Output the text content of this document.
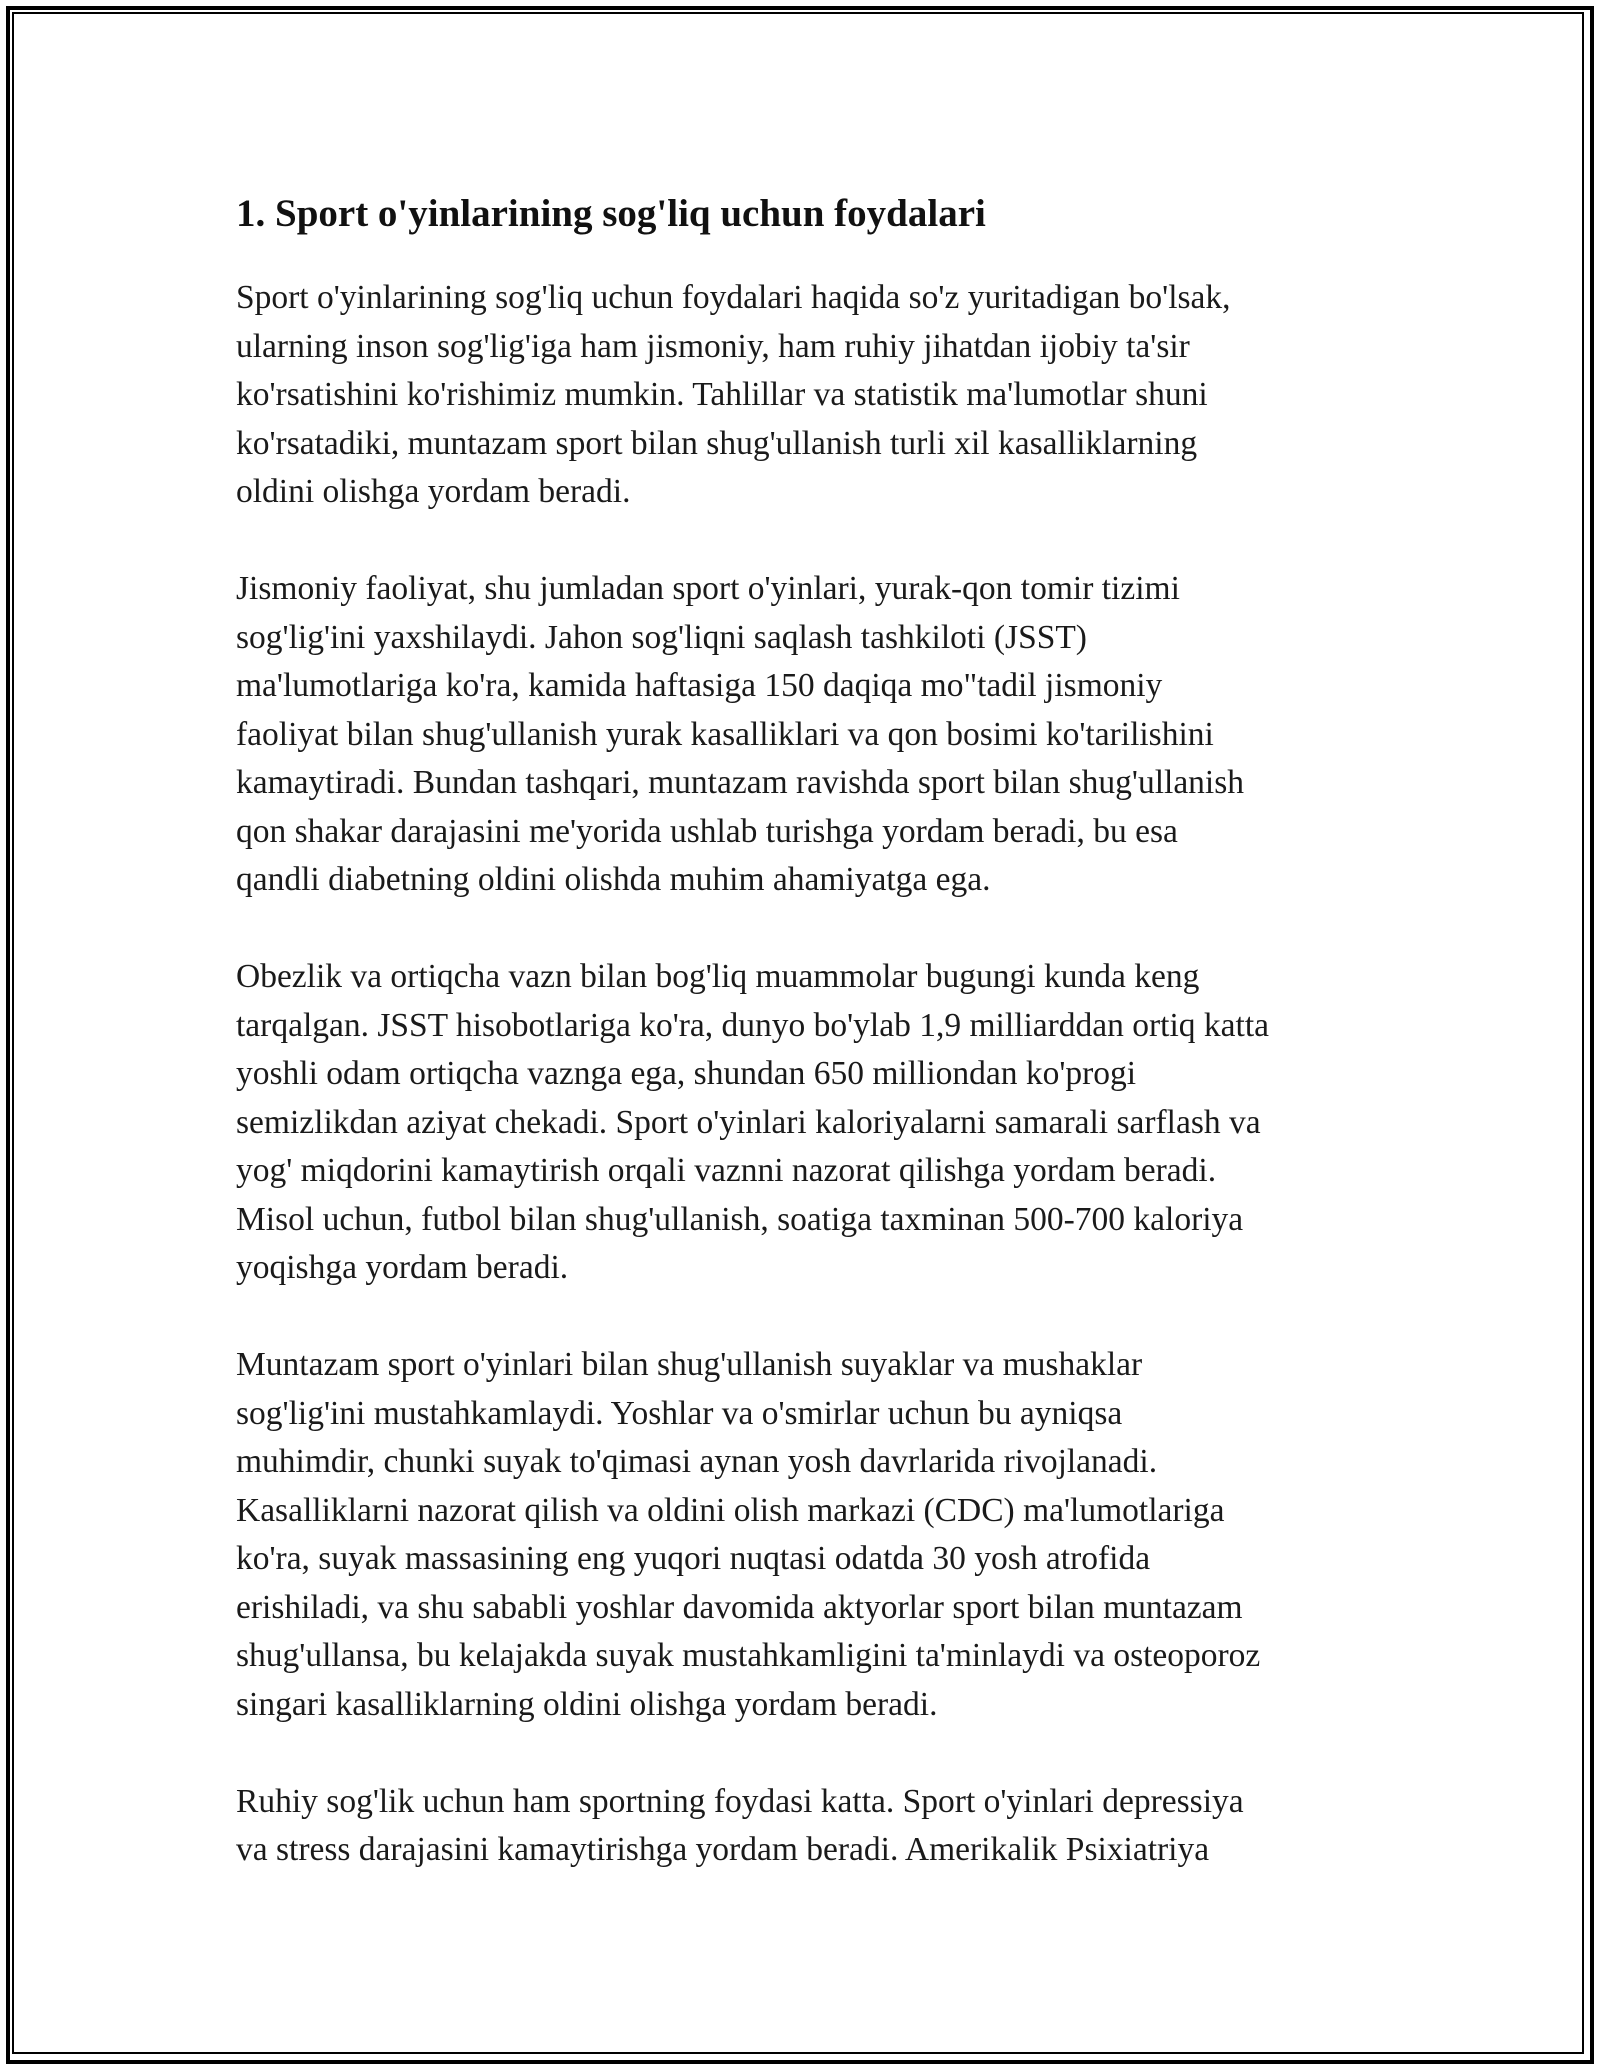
1. Sport o'yinlarining sog'liq uchun foydalari

Sport o'yinlarining sog'liq uchun foydalari haqida so'z yuritadigan bo'lsak,
ularning inson sog'lig'iga ham jismoniy, ham ruhiy jihatdan ijobiy ta'sir
ko'rsatishini ko'rishimiz mumkin. Tahlillar va statistik ma'lumotlar shuni
ko'rsatadiki, muntazam sport bilan shug'ullanish turli xil kasalliklarning
oldini olishga yordam beradi.

Jismoniy faoliyat, shu jumladan sport o'yinlari, yurak-qon tomir tizimi
sog'lig'ini yaxshilaydi. Jahon sog'liqni saqlash tashkiloti (JSST)
ma'lumotlariga ko'ra, kamida haftasiga 150 daqiqa mo"tadil jismoniy
faoliyat bilan shug'ullanish yurak kasalliklari va qon bosimi ko'tarilishini
kamaytiradi. Bundan tashqari, muntazam ravishda sport bilan shug'ullanish
qon shakar darajasini me'yorida ushlab turishga yordam beradi, bu esa
qandli diabetning oldini olishda muhim ahamiyatga ega.

Obezlik va ortiqcha vazn bilan bog'liq muammolar bugungi kunda keng
tarqalgan. JSST hisobotlariga ko'ra, dunyo bo'ylab 1,9 milliarddan ortiq katta
yoshli odam ortiqcha vaznga ega, shundan 650 milliondan ko'progi
semizlikdan aziyat chekadi. Sport o'yinlari kaloriyalarni samarali sarflash va
yog' miqdorini kamaytirish orqali vaznni nazorat qilishga yordam beradi.
Misol uchun, futbol bilan shug'ullanish, soatiga taxminan 500-700 kaloriya
yoqishga yordam beradi.

Muntazam sport o'yinlari bilan shug'ullanish suyaklar va mushaklar
sog'lig'ini mustahkamlaydi. Yoshlar va o'smirlar uchun bu ayniqsa
muhimdir, chunki suyak to'qimasi aynan yosh davrlarida rivojlanadi.
Kasalliklarni nazorat qilish va oldini olish markazi (CDC) ma'lumotlariga
ko'ra, suyak massasining eng yuqori nuqtasi odatda 30 yosh atrofida
erishiladi, va shu sababli yoshlar davomida aktyorlar sport bilan muntazam
shug'ullansa, bu kelajakda suyak mustahkamligini ta'minlaydi va osteoporoz
singari kasalliklarning oldini olishga yordam beradi.

Ruhiy sog'lik uchun ham sportning foydasi katta. Sport o'yinlari depressiya
va stress darajasini kamaytirishga yordam beradi. Amerikalik Psixiatriya
